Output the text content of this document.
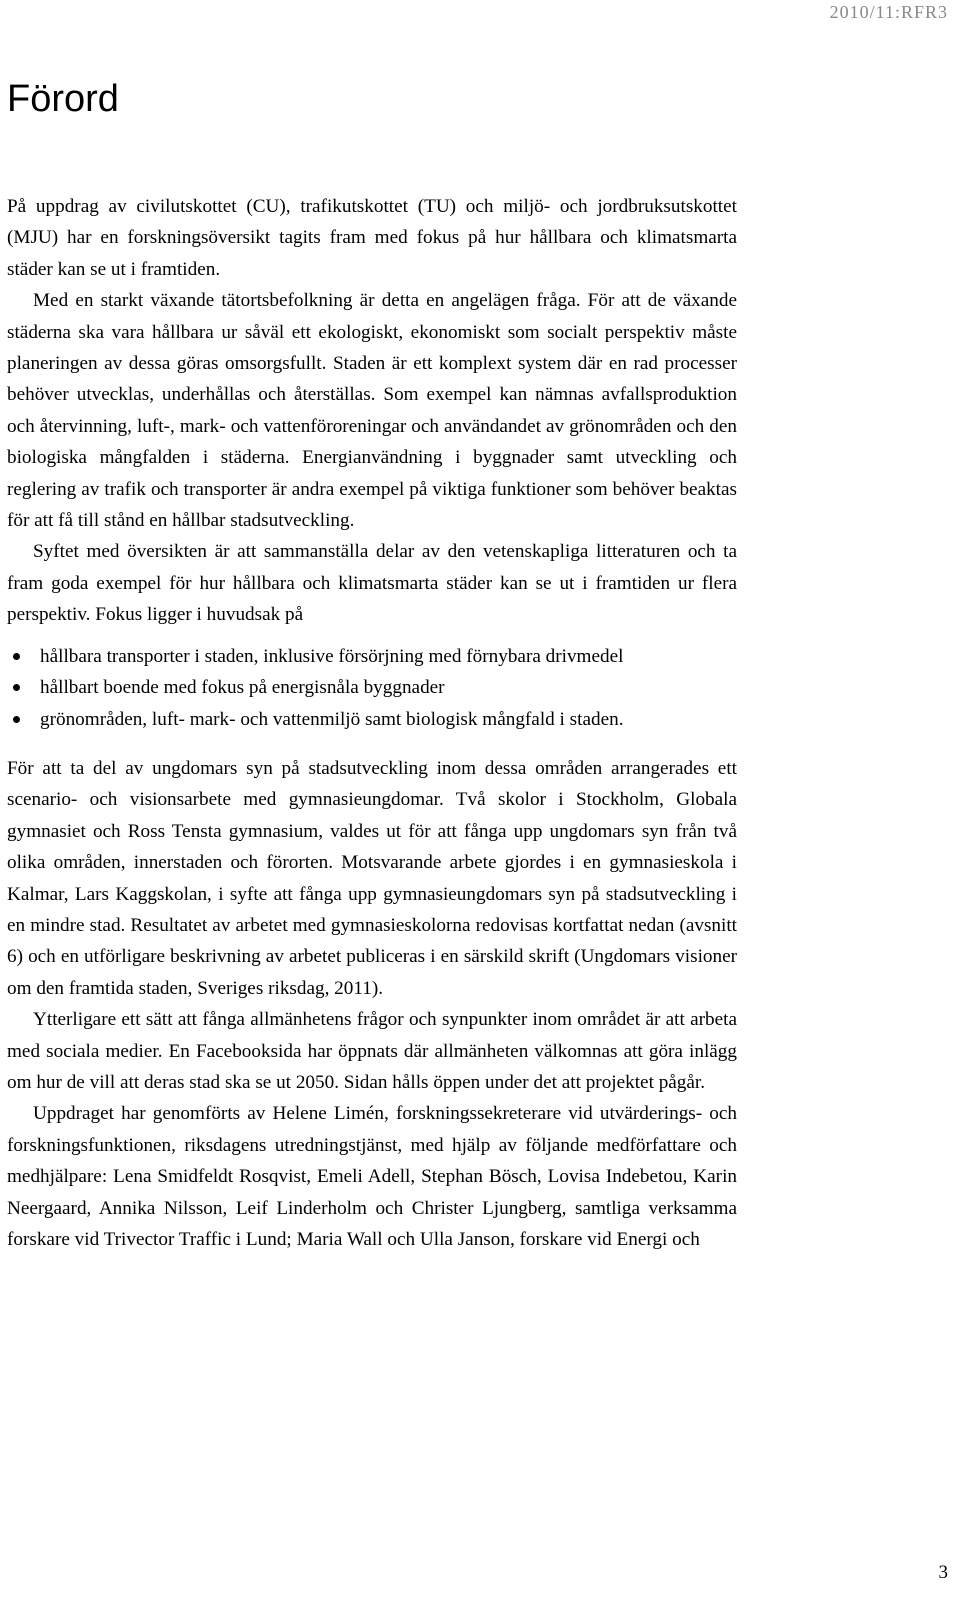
2010/11:RFR3
Förord

På uppdrag av civilutskottet (CU), trafikutskottet (TU) och miljö- och jordbruksutskottet (MJU) har en forskningsöversikt tagits fram med fokus på hur hållbara och klimatsmarta städer kan se ut i framtiden.

Med en starkt växande tätortsbefolkning är detta en angelägen fråga. För att de växande städerna ska vara hållbara ur såväl ett ekologiskt, ekonomiskt som socialt perspektiv måste planeringen av dessa göras omsorgsfullt. Staden är ett komplext system där en rad processer behöver utvecklas, underhållas och återställas. Som exempel kan nämnas avfallsproduktion och återvinning, luft-, mark- och vattenföroreningar och användandet av grönområden och den biologiska mångfalden i städerna. Energianvändning i byggnader samt utveckling och reglering av trafik och transporter är andra exempel på viktiga funktioner som behöver beaktas för att få till stånd en hållbar stadsutveckling.

Syftet med översikten är att sammanställa delar av den vetenskapliga litteraturen och ta fram goda exempel för hur hållbara och klimatsmarta städer kan se ut i framtiden ur flera perspektiv. Fokus ligger i huvudsak på

hållbara transporter i staden, inklusive försörjning med förnybara drivmedel
hållbart boende med fokus på energisnåla byggnader
grönområden, luft- mark- och vattenmiljö samt biologisk mångfald i staden.

För att ta del av ungdomars syn på stadsutveckling inom dessa områden arrangerades ett scenario- och visionsarbete med gymnasieungdomar. Två skolor i Stockholm, Globala gymnasiet och Ross Tensta gymnasium, valdes ut för att fånga upp ungdomars syn från två olika områden, innerstaden och förorten. Motsvarande arbete gjordes i en gymnasieskola i Kalmar, Lars Kaggskolan, i syfte att fånga upp gymnasieungdomars syn på stadsutveckling i en mindre stad. Resultatet av arbetet med gymnasieskolorna redovisas kortfattat nedan (avsnitt 6) och en utförligare beskrivning av arbetet publiceras i en särskild skrift (Ungdomars visioner om den framtida staden, Sveriges riksdag, 2011).

Ytterligare ett sätt att fånga allmänhetens frågor och synpunkter inom området är att arbeta med sociala medier. En Facebooksida har öppnats där allmänheten välkomnas att göra inlägg om hur de vill att deras stad ska se ut 2050. Sidan hålls öppen under det att projektet pågår.

Uppdraget har genomförts av Helene Limén, forskningssekreterare vid utvärderings- och forskningsfunktionen, riksdagens utredningstjänst, med hjälp av följande medförfattare och medhjälpare: Lena Smidfeldt Rosqvist, Emeli Adell, Stephan Bösch, Lovisa Indebetou, Karin Neergaard, Annika Nilsson, Leif Linderholm och Christer Ljungberg, samtliga verksamma forskare vid Trivector Traffic i Lund; Maria Wall och Ulla Janson, forskare vid Energi och

3
